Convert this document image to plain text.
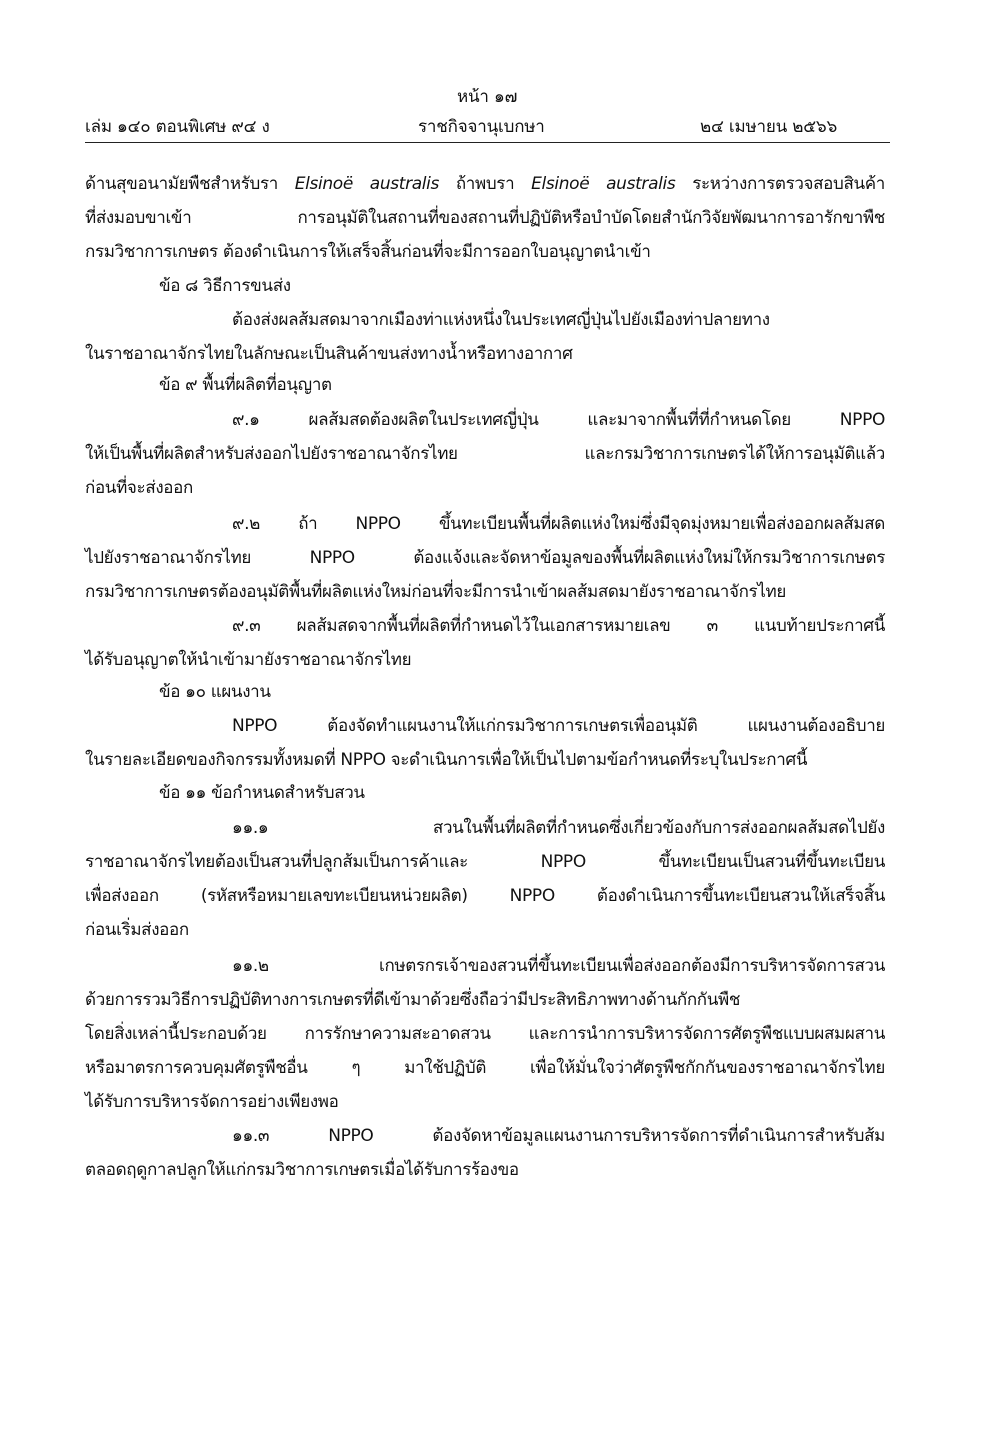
หน้า ๑๗
เล่ม ๑๔๐ ตอนพิเศษ ๙๔ ง	ราชกิจจานุเบกษา	๒๔ เมษายน ๒๕๖๖
ด้านสุขอนามัยพืชสำหรับรา Elsinoë australis ถ้าพบรา Elsinoë australis ระหว่างการตรวจสอบสินค้า
ที่ส่งมอบขาเข้า การอนุมัติในสถานที่ของสถานที่ปฏิบัติหรือบำบัดโดยสำนักวิจัยพัฒนาการอารักขาพืช
กรมวิชาการเกษตร ต้องดำเนินการให้เสร็จสิ้นก่อนที่จะมีการออกใบอนุญาตนำเข้า
ข้อ ๘ วิธีการขนส่ง
ต้องส่งผลส้มสดมาจากเมืองท่าแห่งหนึ่งในประเทศญี่ปุ่นไปยังเมืองท่าปลายทาง
ในราชอาณาจักรไทยในลักษณะเป็นสินค้าขนส่งทางน้ำหรือทางอากาศ
ข้อ ๙ พื้นที่ผลิตที่อนุญาต
๙.๑ ผลส้มสดต้องผลิตในประเทศญี่ปุ่น และมาจากพื้นที่ที่กำหนดโดย NPPO
ให้เป็นพื้นที่ผลิตสำหรับส่งออกไปยังราชอาณาจักรไทย และกรมวิชาการเกษตรได้ให้การอนุมัติแล้ว
ก่อนที่จะส่งออก
๙.๒ ถ้า NPPO ขึ้นทะเบียนพื้นที่ผลิตแห่งใหม่ซึ่งมีจุดมุ่งหมายเพื่อส่งออกผลส้มสด
ไปยังราชอาณาจักรไทย NPPO ต้องแจ้งและจัดหาข้อมูลของพื้นที่ผลิตแห่งใหม่ให้กรมวิชาการเกษตร
กรมวิชาการเกษตรต้องอนุมัติพื้นที่ผลิตแห่งใหม่ก่อนที่จะมีการนำเข้าผลส้มสดมายังราชอาณาจักรไทย
๙.๓ ผลส้มสดจากพื้นที่ผลิตที่กำหนดไว้ในเอกสารหมายเลข ๓ แนบท้ายประกาศนี้
ได้รับอนุญาตให้นำเข้ามายังราชอาณาจักรไทย
ข้อ ๑๐ แผนงาน
NPPO ต้องจัดทำแผนงานให้แก่กรมวิชาการเกษตรเพื่ออนุมัติ แผนงานต้องอธิบาย
ในรายละเอียดของกิจกรรมทั้งหมดที่ NPPO จะดำเนินการเพื่อให้เป็นไปตามข้อกำหนดที่ระบุในประกาศนี้
ข้อ ๑๑ ข้อกำหนดสำหรับสวน
๑๑.๑ สวนในพื้นที่ผลิตที่กำหนดซึ่งเกี่ยวข้องกับการส่งออกผลส้มสดไปยัง
ราชอาณาจักรไทยต้องเป็นสวนที่ปลูกส้มเป็นการค้าและ NPPO ขึ้นทะเบียนเป็นสวนที่ขึ้นทะเบียน
เพื่อส่งออก (รหัสหรือหมายเลขทะเบียนหน่วยผลิต) NPPO ต้องดำเนินการขึ้นทะเบียนสวนให้เสร็จสิ้น
ก่อนเริ่มส่งออก
๑๑.๒ เกษตรกรเจ้าของสวนที่ขึ้นทะเบียนเพื่อส่งออกต้องมีการบริหารจัดการสวน
ด้วยการรวมวิธีการปฏิบัติทางการเกษตรที่ดีเข้ามาด้วยซึ่งถือว่ามีประสิทธิภาพทางด้านกักกันพืช
โดยสิ่งเหล่านี้ประกอบด้วย การรักษาความสะอาดสวน และการนำการบริหารจัดการศัตรูพืชแบบผสมผสาน
หรือมาตรการควบคุมศัตรูพืชอื่น ๆ มาใช้ปฏิบัติ เพื่อให้มั่นใจว่าศัตรูพืชกักกันของราชอาณาจักรไทย
ได้รับการบริหารจัดการอย่างเพียงพอ
๑๑.๓ NPPO ต้องจัดหาข้อมูลแผนงานการบริหารจัดการที่ดำเนินการสำหรับส้ม
ตลอดฤดูกาลปลูกให้แก่กรมวิชาการเกษตรเมื่อได้รับการร้องขอ
